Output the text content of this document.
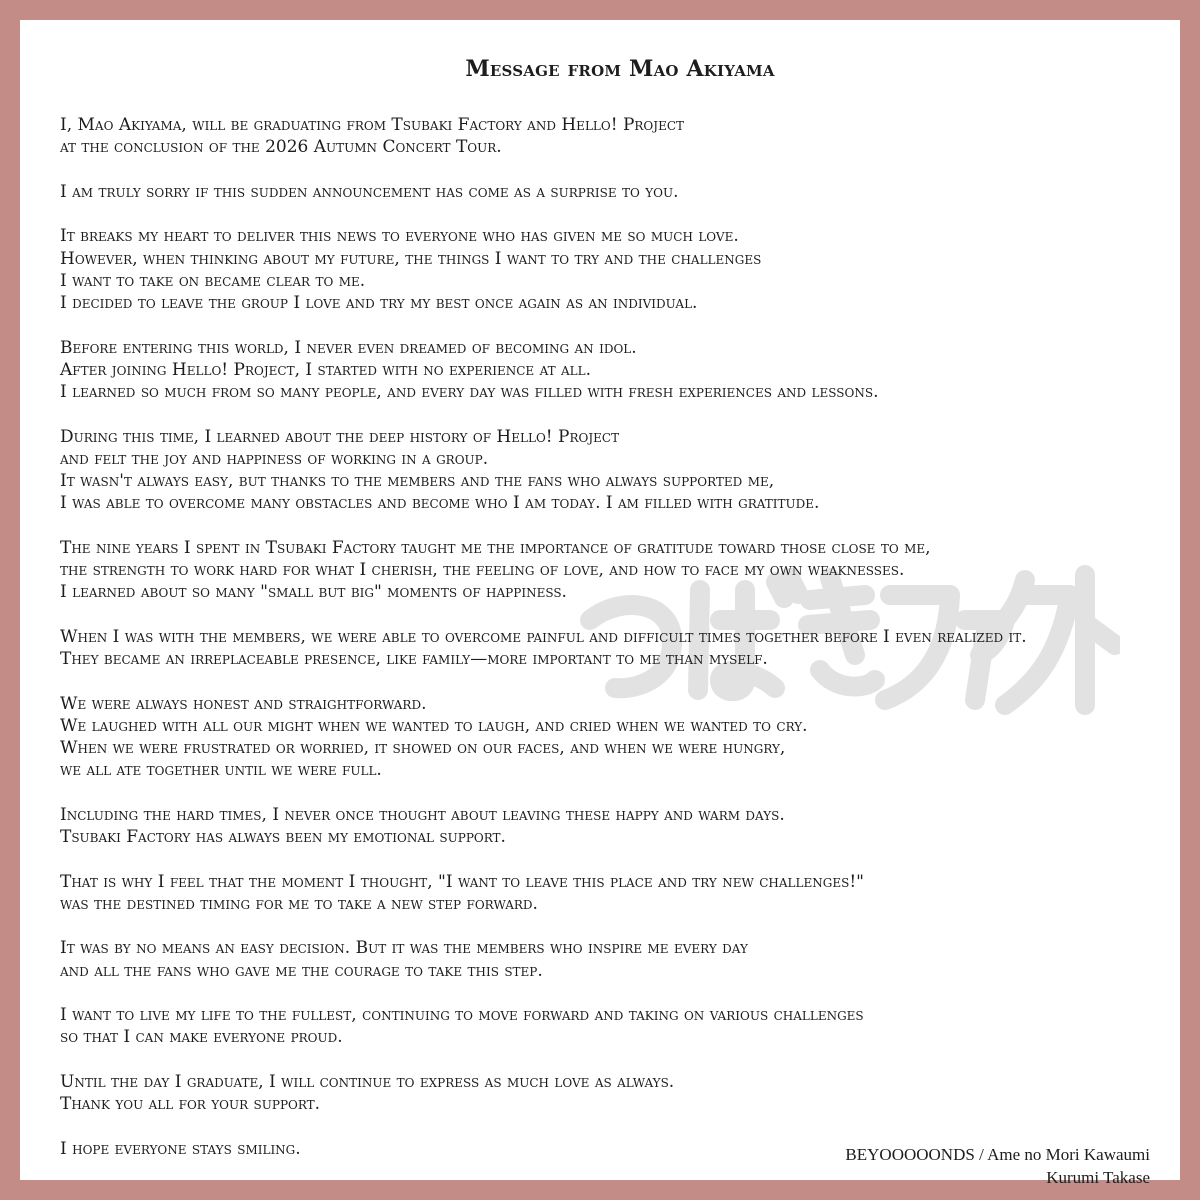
Message from Mao Akiyama

I, Mao Akiyama, will be graduating from Tsubaki Factory and Hello! Project
at the conclusion of the 2026 Autumn Concert Tour.

I am truly sorry if this sudden announcement has come as a surprise to you.

It breaks my heart to deliver this news to everyone who has given me so much love.
However, when thinking about my future, the things I want to try and the challenges
I want to take on became clear to me.
I decided to leave the group I love and try my best once again as an individual.

Before entering this world, I never even dreamed of becoming an idol.
After joining Hello! Project, I started with no experience at all.
I learned so much from so many people, and every day was filled with fresh experiences and lessons.

During this time, I learned about the deep history of Hello! Project
and felt the joy and happiness of working in a group.
It wasn't always easy, but thanks to the members and the fans who always supported me,
I was able to overcome many obstacles and become who I am today. I am filled with gratitude.

The nine years I spent in Tsubaki Factory taught me the importance of gratitude toward those close to me,
the strength to work hard for what I cherish, the feeling of love, and how to face my own weaknesses.
I learned about so many "small but big" moments of happiness.

When I was with the members, we were able to overcome painful and difficult times together before I even realized it.
They became an irreplaceable presence, like family—more important to me than myself.

We were always honest and straightforward.
We laughed with all our might when we wanted to laugh, and cried when we wanted to cry.
When we were frustrated or worried, it showed on our faces, and when we were hungry,
we all ate together until we were full.

Including the hard times, I never once thought about leaving these happy and warm days.
Tsubaki Factory has always been my emotional support.

That is why I feel that the moment I thought, "I want to leave this place and try new challenges!"
was the destined timing for me to take a new step forward.

It was by no means an easy decision. But it was the members who inspire me every day
and all the fans who gave me the courage to take this step.

I want to live my life to the fullest, continuing to move forward and taking on various challenges
so that I can make everyone proud.

Until the day I graduate, I will continue to express as much love as always.
Thank you all for your support.

I hope everyone stays smiling.	BEYOOOOONDS / Ame no Mori Kawaumi
Kurumi Takase
